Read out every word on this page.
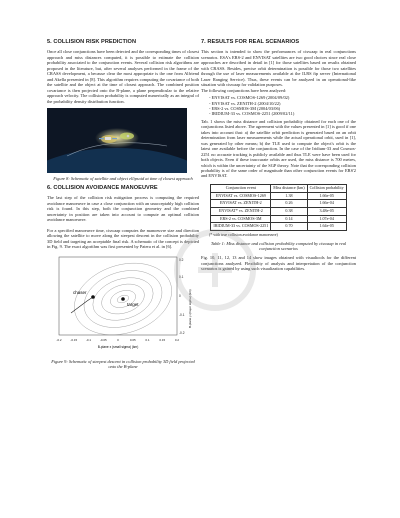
5. COLLISION RISK PREDICTION

Once all close conjunctions have been detected and the corresponding times of closest approach and miss distances computed, it is possible to estimate the collision probability associated to the conjunction events. Several collision risk algorithms are proposed in the literature, but, after several analyses performed in the frame of the CRASS development, a because clear the most appropriate is the one from Alfriend and Akella presented in [8]. This algorithm requires computing the covariance of both the satellite and the object at the time of closest approach. The combined position covariance is then projected onto the B-plane, a plane perpendicular to the relative approach velocity. The collision probability is computed numerically as an integral of the probability density distribution function.

Figure 8: Schematic of satellite and object ellipsoid at time of closest approach

6. COLLISION AVOIDANCE MANOEUVRE

The last step of the collision risk mitigation process is computing the required avoidance manoeuvre in case a close conjunction with an unacceptably high collision risk is found. In this step, both the conjunction geometry and the combined uncertainty in position are taken into account to compute an optimal collision avoidance manoeuvre.

For a specified manoeuvre time, ciswaap computes the manoeuvre size and direction allowing the satellite to move along the steepest descent in the collision probability 3D field and targeting an acceptable final risk. A schematic of the concept is depicted in Fig. 9. The exact algorithm was first presented by Patera et al. in [6].

chaser
target
0.2
0.1
0
-0.1
-0.2
B-plane y (major sigma) (km)
-0.2	-0.15	-0.1	-0.05	0	0.05	0.1	0.15	0.2
B-plane x (small sigma) (km)

Figure 9: Schematic of steepest descent in collision probability 3D field projected onto the B-plane

7. RESULTS FOR REAL SCENARIOS

This section is intended to show the performances of ciswaap in real conjunctions scenarios. ESA's ERS-2 and ENVISAT satellites are two good choices since real close approaches are described in detail in [1] for those satellites based on results obtained with CRASS. Besides, precise orbit determination is possible for those two satellites through the use of laser measurements available at the ILRS ftp server (International Laser Ranging Service). Thus, these events can be analyzed in an operational-like situation with ciswaap for validation purposes.

The following conjunctions have been analyzed:

- ENVISAT vs. COSMOS-1269 (2004/09/02)
- ENVISAT vs. ZENITH-2 (2004/10/22)
- ERS-2 vs. COSMOS-3M (2004/03/06)
- IRIDIUM-33 vs. COSMOS-2251 (2009/02/11)

Tab. 1 shows the miss distance and collision probability obtained for each one of the conjunctions listed above. The agreement with the values presented in [1] is good if one takes into account that: a) the satellite orbit prediction is generated based on an orbit determination from laser measurements while the actual operational orbit, used in [1], was generated by other means; b) the TLE used to compute the object's orbit is the latest one available before the conjunction. In the case of the Iridium-33 and Cosmos-2251 no accurate tracking is publicly available and thus TLE were have been used for both objects. Even if these inaccurate orbits are used, the miss distance is 700 metres, which is within the uncertainty of the SGP theory. Note that the corresponding collision probability is of the same order of magnitude than other conjunction events for ERS'2 and ENVISAT.

Conjunction event	Miss distance (km)	Collision probability
ENVISAT vs. COSMOS-1269	1.38	1.66e-05
ENVISAT vs. ZENITH-2	0.26	1.66e-04
ENVISAT* vs. ZENITH-2	0.38	3.48e-05
ERS-2 vs. COSMOS-3M	0.14	1.07e-04
IRIDIUM-33 vs. COSMOS-2251	0.70	1.64e-05

(* with true collision avoidance manoeuvre)

Table 1: Miss distance and collision probability computed by ciswaap in real conjunction scenarios

Fig. 10, 11, 12, 13 and 14 show images obtained with visualtools for the different conjunctions analyzed. Flexibility of analysis and interpretation of the conjunction scenarios is gained by using such visualization capabilities.
